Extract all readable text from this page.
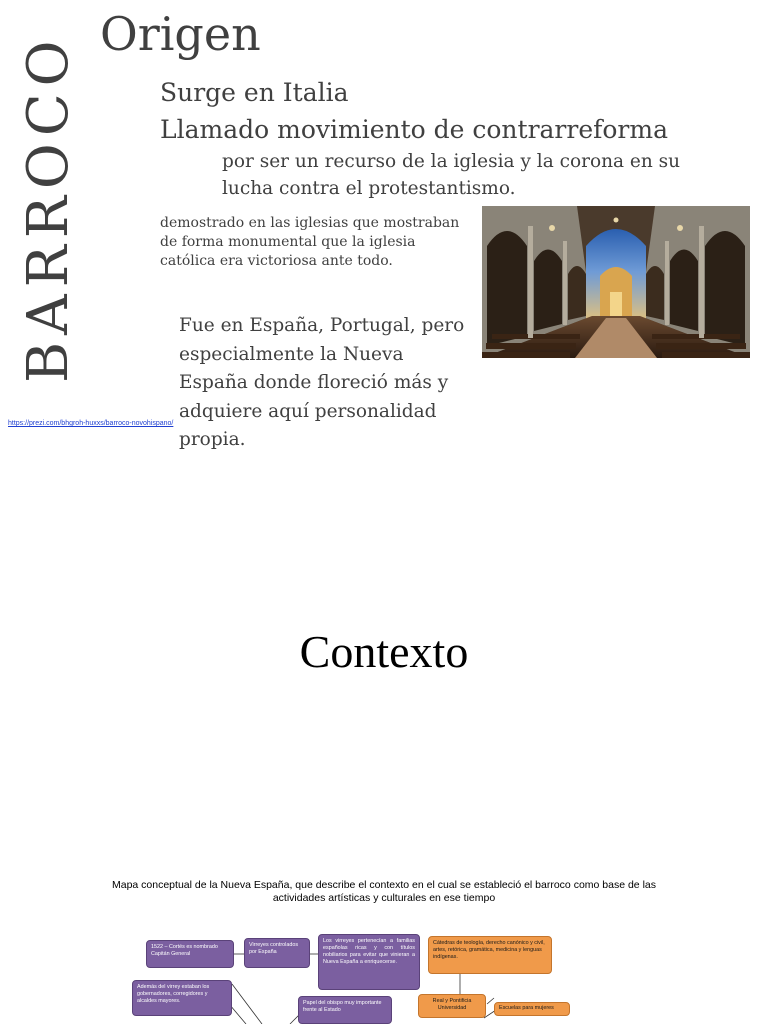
BARROCO Origen
Surge en Italia
Llamado movimiento de contrarreforma
por ser un recurso de la iglesia y la corona en su lucha contra el protestantismo.
demostrado en las iglesias que mostraban de forma monumental que la iglesia católica era victoriosa ante todo.
Fue en España, Portugal, pero especialmente la Nueva España donde floreció más y adquiere aquí personalidad propia.
https://prezi.com/bhgroh-huxxs/barroco-novohispano/
Contexto
Mapa conceptual de la Nueva España, que describe el contexto en el cual se estableció el barroco como base de las actividades artísticas y culturales en ese tiempo
1522 – Cortés es nombrado Capitán General
Virreyes controlados por España
Los virreyes pertenecían a familias españolas ricas y con títulos nobiliarios para evitar que vinieran a Nueva España a enriquecerse.
Cátedras de teología, derecho canónico y civil, artes, retórica, gramática, medicina y lenguas indígenas.
Además del virrey estaban los gobernadores, corregidores y alcaldes mayores.	Papel del obispo muy importante frente al Estado
Real y Pontificia Universidad	Escuelas para mujeres
